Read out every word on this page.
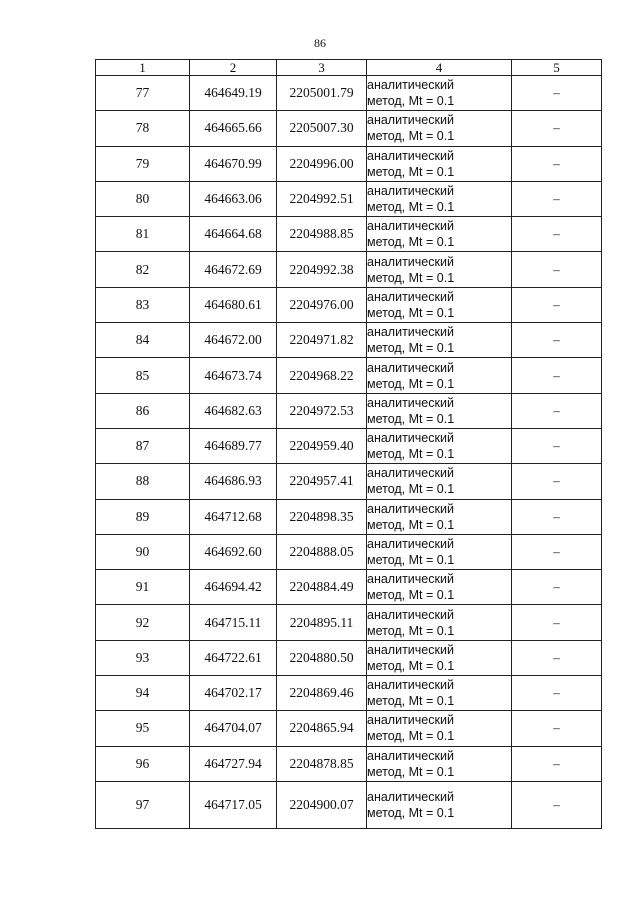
86
1	2	3	4	5
77	464649.19	2205001.79	аналитический
метод, Mt = 0.1	–
78	464665.66	2205007.30	аналитический
метод, Mt = 0.1	–
79	464670.99	2204996.00	аналитический
метод, Mt = 0.1	–
80	464663.06	2204992.51	аналитический
метод, Mt = 0.1	–
81	464664.68	2204988.85	аналитический
метод, Mt = 0.1	–
82	464672.69	2204992.38	аналитический
метод, Mt = 0.1	–
83	464680.61	2204976.00	аналитический
метод, Mt = 0.1	–
84	464672.00	2204971.82	аналитический
метод, Mt = 0.1	–
85	464673.74	2204968.22	аналитический
метод, Mt = 0.1	–
86	464682.63	2204972.53	аналитический
метод, Mt = 0.1	–
87	464689.77	2204959.40	аналитический
метод, Mt = 0.1	–
88	464686.93	2204957.41	аналитический
метод, Mt = 0.1	–
89	464712.68	2204898.35	аналитический
метод, Mt = 0.1	–
90	464692.60	2204888.05	аналитический
метод, Mt = 0.1	–
91	464694.42	2204884.49	аналитический
метод, Mt = 0.1	–
92	464715.11	2204895.11	аналитический
метод, Mt = 0.1	–
93	464722.61	2204880.50	аналитический
метод, Mt = 0.1	–
94	464702.17	2204869.46	аналитический
метод, Mt = 0.1	–
95	464704.07	2204865.94	аналитический
метод, Mt = 0.1	–
96	464727.94	2204878.85	аналитический
метод, Mt = 0.1	–
97	464717.05	2204900.07	аналитический
метод, Mt = 0.1	–
